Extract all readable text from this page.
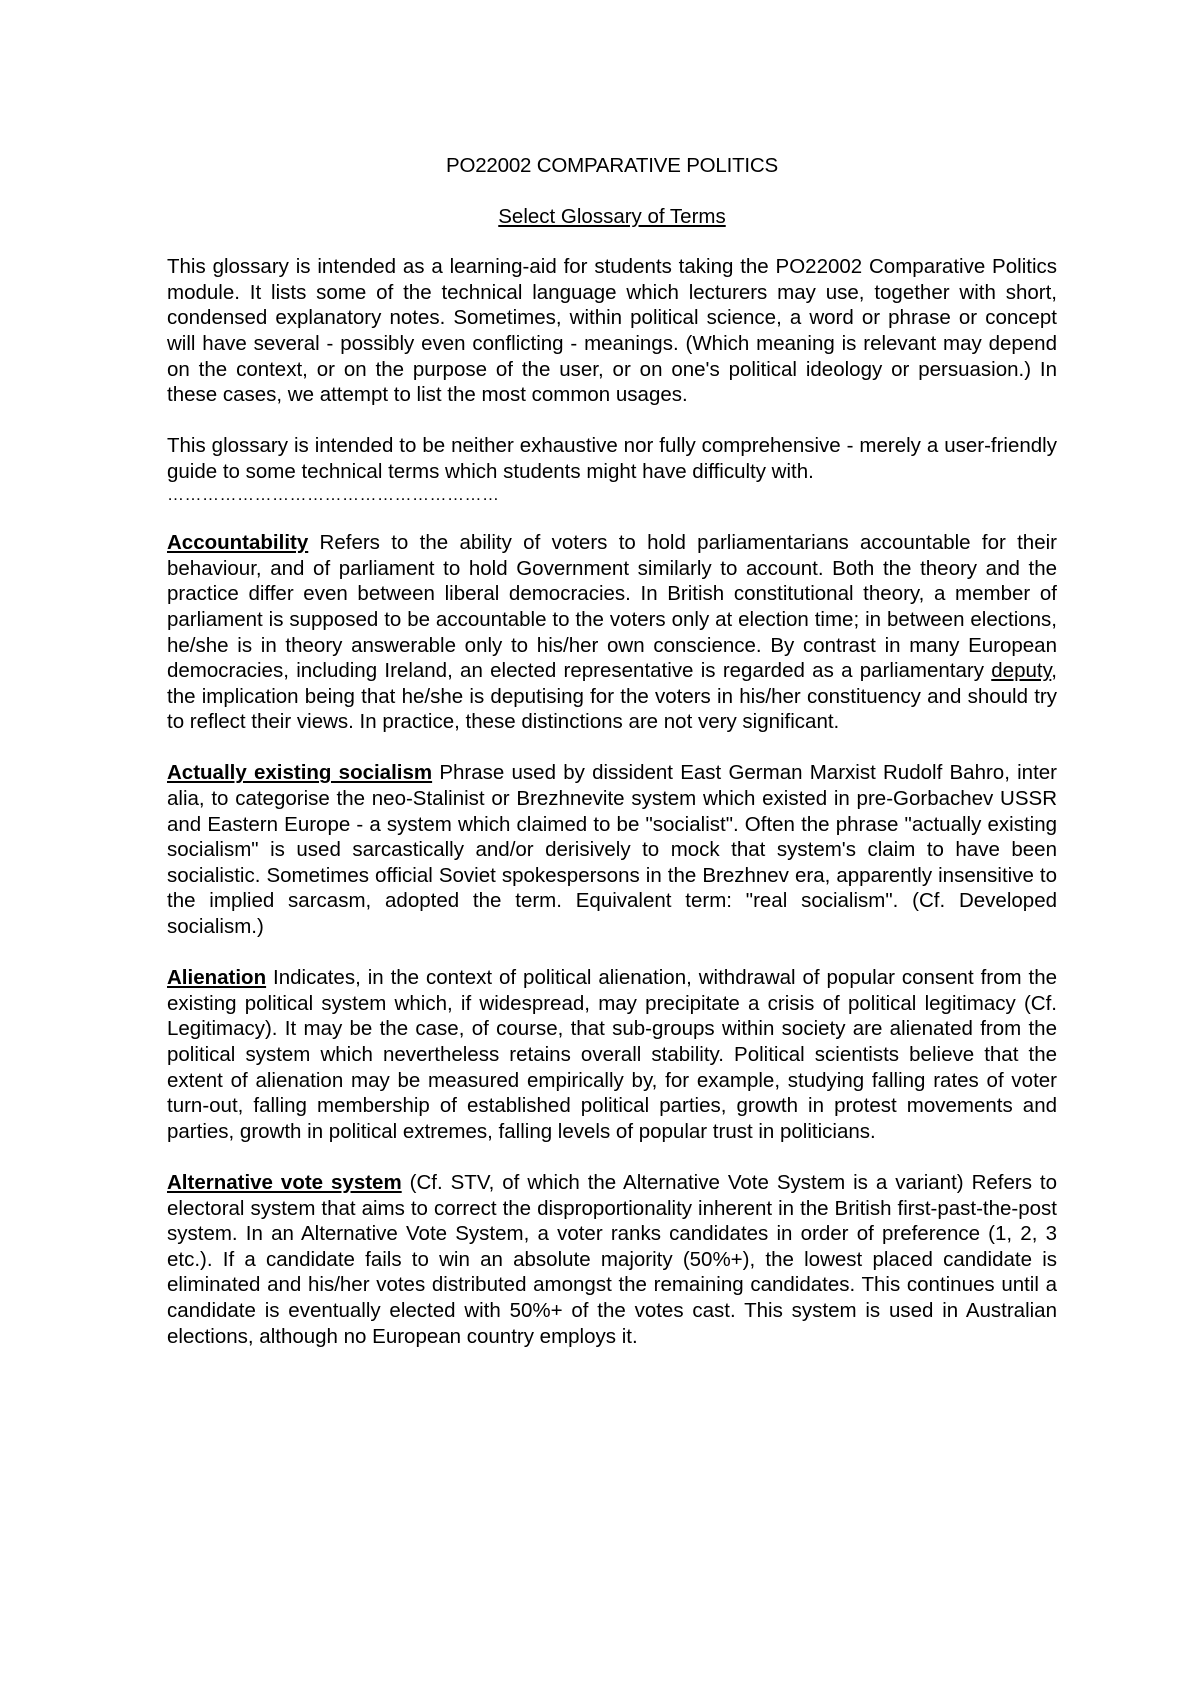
PO22002 COMPARATIVE POLITICS
Select Glossary of Terms

This glossary is intended as a learning-aid for students taking the PO22002 Comparative Politics module. It lists some of the technical language which lecturers may use, together with short, condensed explanatory notes. Sometimes, within political science, a word or phrase or concept will have several - possibly even conflicting - meanings. (Which meaning is relevant may depend on the context, or on the purpose of the user, or on one's political ideology or persuasion.) In these cases, we attempt to list the most common usages.

This glossary is intended to be neither exhaustive nor fully comprehensive - merely a user-friendly guide to some technical terms which students might have difficulty with.

…………………………………………………

Accountability Refers to the ability of voters to hold parliamentarians accountable for their behaviour, and of parliament to hold Government similarly to account. Both the theory and the practice differ even between liberal democracies. In British constitutional theory, a member of parliament is supposed to be accountable to the voters only at election time; in between elections, he/she is in theory answerable only to his/her own conscience. By contrast in many European democracies, including Ireland, an elected representative is regarded as a parliamentary deputy, the implication being that he/she is deputising for the voters in his/her constituency and should try to reflect their views. In practice, these distinctions are not very significant.

Actually existing socialism Phrase used by dissident East German Marxist Rudolf Bahro, inter alia, to categorise the neo-Stalinist or Brezhnevite system which existed in pre-Gorbachev USSR and Eastern Europe - a system which claimed to be "socialist". Often the phrase "actually existing socialism" is used sarcastically and/or derisively to mock that system's claim to have been socialistic. Sometimes official Soviet spokespersons in the Brezhnev era, apparently insensitive to the implied sarcasm, adopted the term. Equivalent term: "real socialism". (Cf. Developed socialism.)

Alienation Indicates, in the context of political alienation, withdrawal of popular consent from the existing political system which, if widespread, may precipitate a crisis of political legitimacy (Cf. Legitimacy). It may be the case, of course, that sub-groups within society are alienated from the political system which nevertheless retains overall stability. Political scientists believe that the extent of alienation may be measured empirically by, for example, studying falling rates of voter turn-out, falling membership of established political parties, growth in protest movements and parties, growth in political extremes, falling levels of popular trust in politicians.

Alternative vote system (Cf. STV, of which the Alternative Vote System is a variant) Refers to electoral system that aims to correct the disproportionality inherent in the British first-past-the-post system. In an Alternative Vote System, a voter ranks candidates in order of preference (1, 2, 3 etc.). If a candidate fails to win an absolute majority (50%+), the lowest placed candidate is eliminated and his/her votes distributed amongst the remaining candidates. This continues until a candidate is eventually elected with 50%+ of the votes cast. This system is used in Australian elections, although no European country employs it.
